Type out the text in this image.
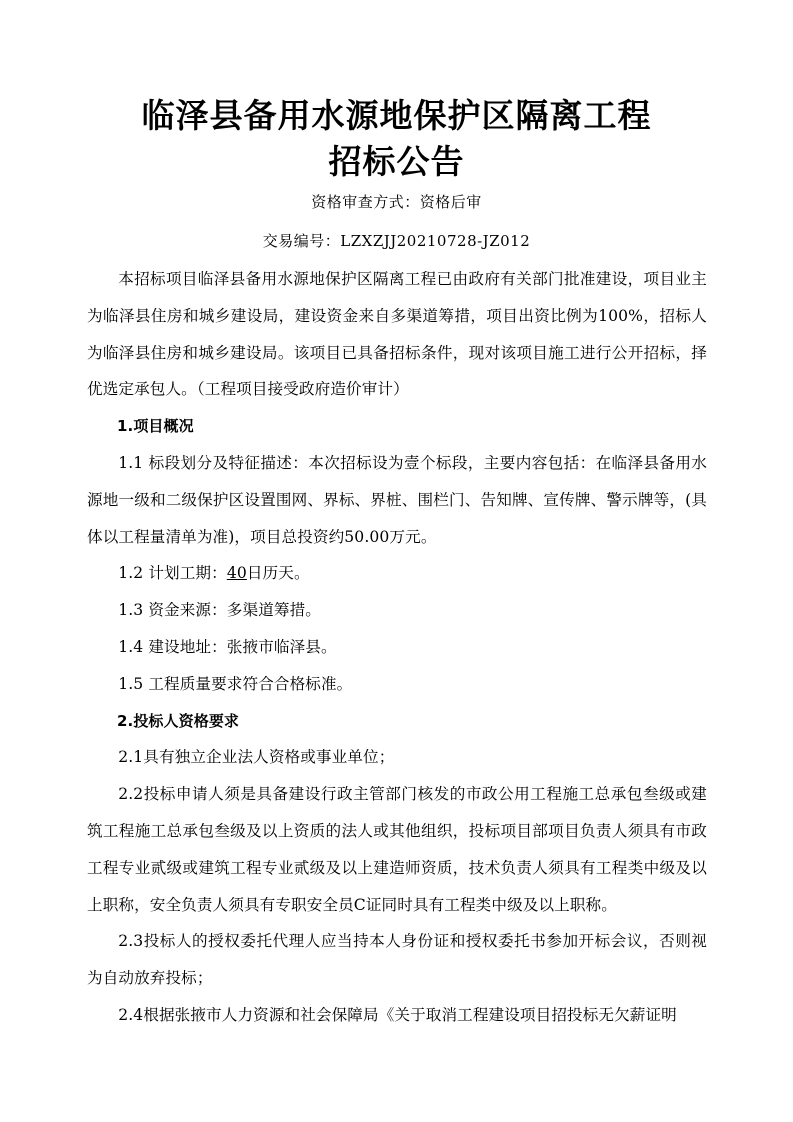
临泽县备用水源地保护区隔离工程
招标公告
资格审查方式：资格后审
交易编号：LZXZJJ20210728-JZ012

本招标项目临泽县备用水源地保护区隔离工程已由政府有关部门批准建设，项目业主为临泽县住房和城乡建设局，建设资金来自多渠道筹措，项目出资比例为100%，招标人为临泽县住房和城乡建设局。该项目已具备招标条件，现对该项目施工进行公开招标，择优选定承包人。（工程项目接受政府造价审计）

1.项目概况

1.1 标段划分及特征描述：本次招标设为壹个标段，主要内容包括：在临泽县备用水源地一级和二级保护区设置围网、界标、界桩、围栏门、告知牌、宣传牌、警示牌等，(具体以工程量清单为准)，项目总投资约50.00万元。

1.2 计划工期：40日历天。

1.3 资金来源：多渠道筹措。

1.4 建设地址：张掖市临泽县。

1.5 工程质量要求符合合格标准。

2.投标人资格要求

2.1具有独立企业法人资格或事业单位；

2.2投标申请人须是具备建设行政主管部门核发的市政公用工程施工总承包叁级或建筑工程施工总承包叁级及以上资质的法人或其他组织，投标项目部项目负责人须具有市政工程专业贰级或建筑工程专业贰级及以上建造师资质，技术负责人须具有工程类中级及以上职称，安全负责人须具有专职安全员C证同时具有工程类中级及以上职称。

2.3投标人的授权委托代理人应当持本人身份证和授权委托书参加开标会议，否则视为自动放弃投标；

2.4根据张掖市人力资源和社会保障局《关于取消工程建设项目招投标无欠薪证明
